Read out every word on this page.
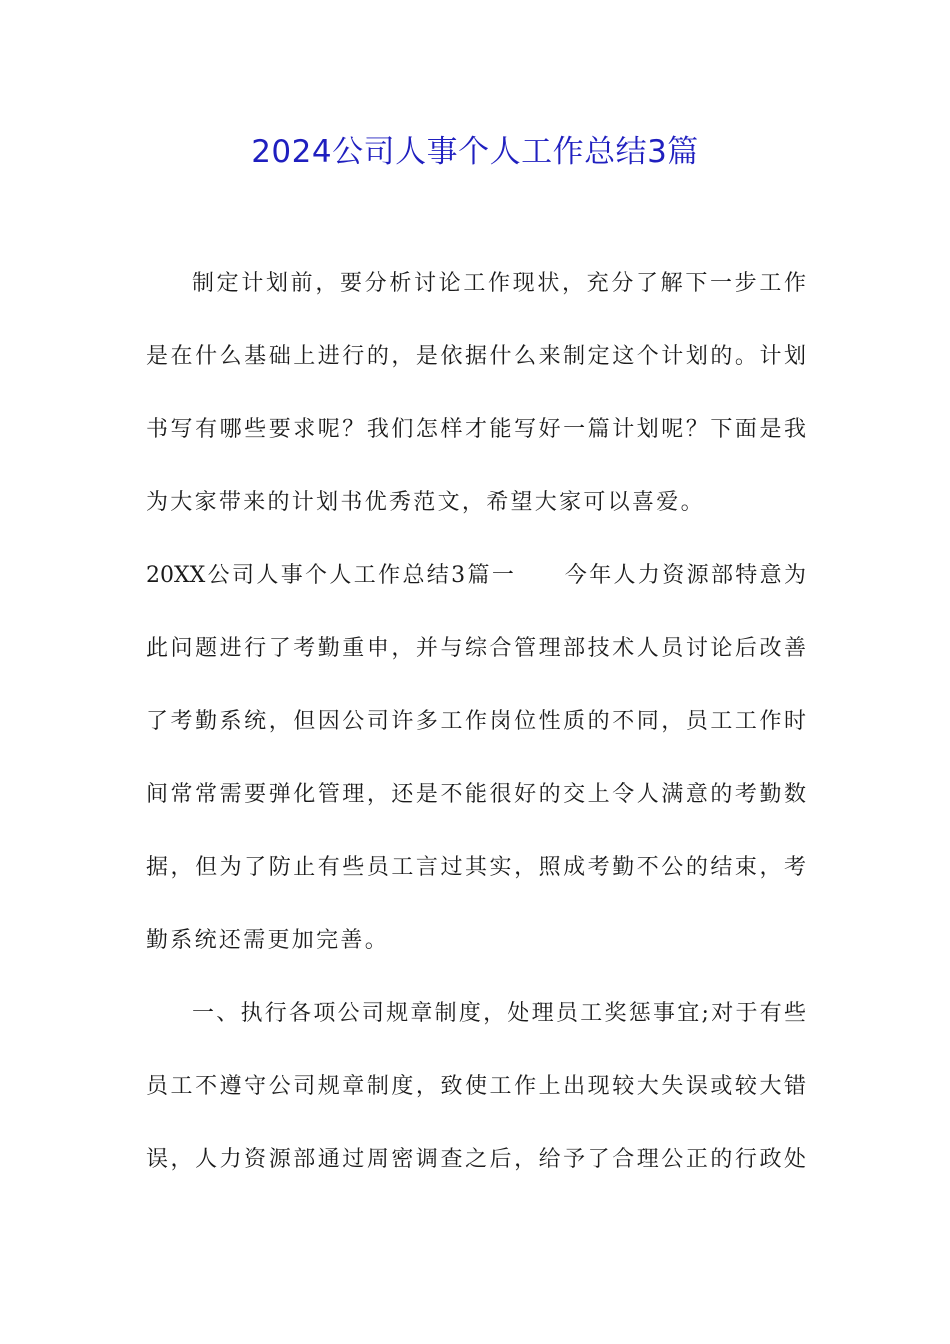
2024公司人事个人工作总结3篇
制定计划前，要分析讨论工作现状，充分了解下一步工作
是在什么基础上进行的，是依据什么来制定这个计划的。计划
书写有哪些要求呢？我们怎样才能写好一篇计划呢？下面是我
为大家带来的计划书优秀范文，希望大家可以喜爱。
20XX公司人事个人工作总结3篇一　　今年人力资源部特意为
此问题进行了考勤重申，并与综合管理部技术人员讨论后改善
了考勤系统，但因公司许多工作岗位性质的不同，员工工作时
间常常需要弹化管理，还是不能很好的交上令人满意的考勤数
据，但为了防止有些员工言过其实，照成考勤不公的结束，考
勤系统还需更加完善。
一、执行各项公司规章制度，处理员工奖惩事宜;对于有些
员工不遵守公司规章制度，致使工作上出现较大失误或较大错
误，人力资源部通过周密调查之后，给予了合理公正的行政处
